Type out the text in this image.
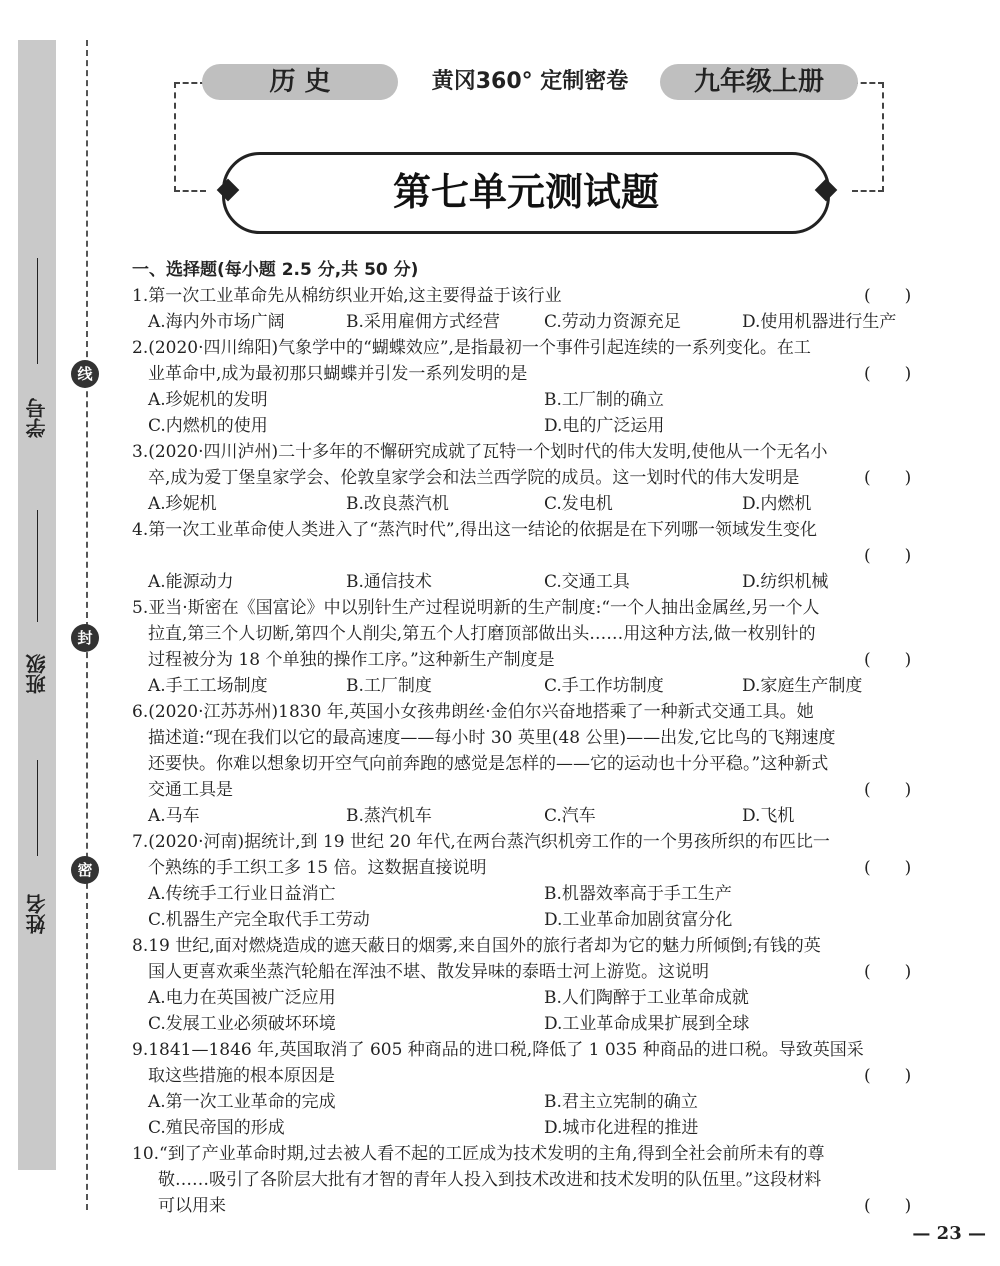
线
封
密
学号
班级
姓名
历 史	黄冈360° 定制密卷	九年级上册
第七单元测试题
一、选择题(每小题 2.5 分,共 50 分)
1.第一次工业革命先从棉纺织业开始,这主要得益于该行业	(　　)
A.海内外市场广阔	B.采用雇佣方式经营	C.劳动力资源充足	D.使用机器进行生产
2.(2020·四川绵阳)气象学中的“蝴蝶效应”,是指最初一个事件引起连续的一系列变化。在工
业革命中,成为最初那只蝴蝶并引发一系列发明的是	(　　)
A.珍妮机的发明	B.工厂制的确立
C.内燃机的使用	D.电的广泛运用
3.(2020·四川泸州)二十多年的不懈研究成就了瓦特一个划时代的伟大发明,使他从一个无名小
卒,成为爱丁堡皇家学会、伦敦皇家学会和法兰西学院的成员。这一划时代的伟大发明是	(　　)
A.珍妮机	B.改良蒸汽机	C.发电机	D.内燃机
4.第一次工业革命使人类进入了“蒸汽时代”,得出这一结论的依据是在下列哪一领域发生变化
(　　)
A.能源动力	B.通信技术	C.交通工具	D.纺织机械
5.亚当·斯密在《国富论》中以别针生产过程说明新的生产制度:“一个人抽出金属丝,另一个人
拉直,第三个人切断,第四个人削尖,第五个人打磨顶部做出头……用这种方法,做一枚别针的
过程被分为 18 个单独的操作工序。”这种新生产制度是	(　　)
A.手工工场制度	B.工厂制度	C.手工作坊制度	D.家庭生产制度
6.(2020·江苏苏州)1830 年,英国小女孩弗朗丝·金伯尔兴奋地搭乘了一种新式交通工具。她
描述道:“现在我们以它的最高速度——每小时 30 英里(48 公里)——出发,它比鸟的飞翔速度
还要快。你难以想象切开空气向前奔跑的感觉是怎样的——它的运动也十分平稳。”这种新式
交通工具是	(　　)
A.马车	B.蒸汽机车	C.汽车	D.飞机
7.(2020·河南)据统计,到 19 世纪 20 年代,在两台蒸汽织机旁工作的一个男孩所织的布匹比一
个熟练的手工织工多 15 倍。这数据直接说明	(　　)
A.传统手工行业日益消亡	B.机器效率高于手工生产
C.机器生产完全取代手工劳动	D.工业革命加剧贫富分化
8.19 世纪,面对燃烧造成的遮天蔽日的烟雾,来自国外的旅行者却为它的魅力所倾倒;有钱的英
国人更喜欢乘坐蒸汽轮船在浑浊不堪、散发异味的泰晤士河上游览。这说明	(　　)
A.电力在英国被广泛应用	B.人们陶醉于工业革命成就
C.发展工业必须破坏环境	D.工业革命成果扩展到全球
9.1841—1846 年,英国取消了 605 种商品的进口税,降低了 1 035 种商品的进口税。导致英国采
取这些措施的根本原因是	(　　)
A.第一次工业革命的完成	B.君主立宪制的确立
C.殖民帝国的形成	D.城市化进程的推进
10.“到了产业革命时期,过去被人看不起的工匠成为技术发明的主角,得到全社会前所未有的尊
敬……吸引了各阶层大批有才智的青年人投入到技术改进和技术发明的队伍里。”这段材料
可以用来	(　　)
— 23 —
